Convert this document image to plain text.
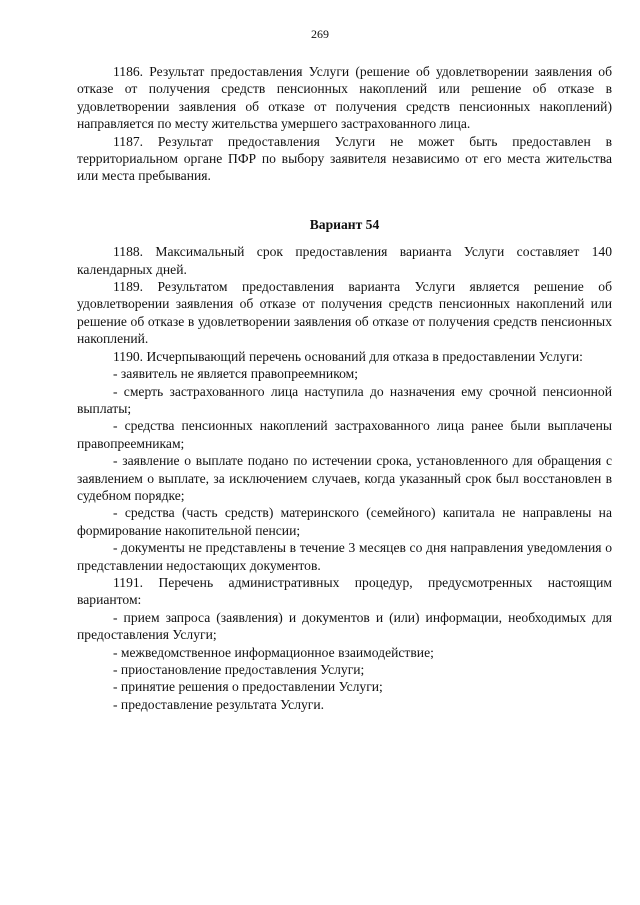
269

1186. Результат предоставления Услуги (решение об удовлетворении заявления об отказе от получения средств пенсионных накоплений или решение об отказе в удовлетворении заявления об отказе от получения средств пенсионных накоплений) направляется по месту жительства умершего застрахованного лица.

1187. Результат предоставления Услуги не может быть предоставлен в территориальном органе ПФР по выбору заявителя независимо от его места жительства или места пребывания.

Вариант 54

1188. Максимальный срок предоставления варианта Услуги составляет 140 календарных дней.

1189. Результатом предоставления варианта Услуги является решение об удовлетворении заявления об отказе от получения средств пенсионных накоплений или решение об отказе в удовлетворении заявления об отказе от получения средств пенсионных накоплений.

1190. Исчерпывающий перечень оснований для отказа в предоставлении Услуги:

- заявитель не является правопреемником;

- смерть застрахованного лица наступила до назначения ему срочной пенсионной выплаты;

- средства пенсионных накоплений застрахованного лица ранее были выплачены правопреемникам;

- заявление о выплате подано по истечении срока, установленного для обращения с заявлением о выплате, за исключением случаев, когда указанный срок был восстановлен в судебном порядке;

- средства (часть средств) материнского (семейного) капитала не направлены на формирование накопительной пенсии;

- документы не представлены в течение 3 месяцев со дня направления уведомления о представлении недостающих документов.

1191. Перечень административных процедур, предусмотренных настоящим вариантом:

- прием запроса (заявления) и документов и (или) информации, необходимых для предоставления Услуги;

- межведомственное информационное взаимодействие;

- приостановление предоставления Услуги;

- принятие решения о предоставлении Услуги;

- предоставление результата Услуги.
